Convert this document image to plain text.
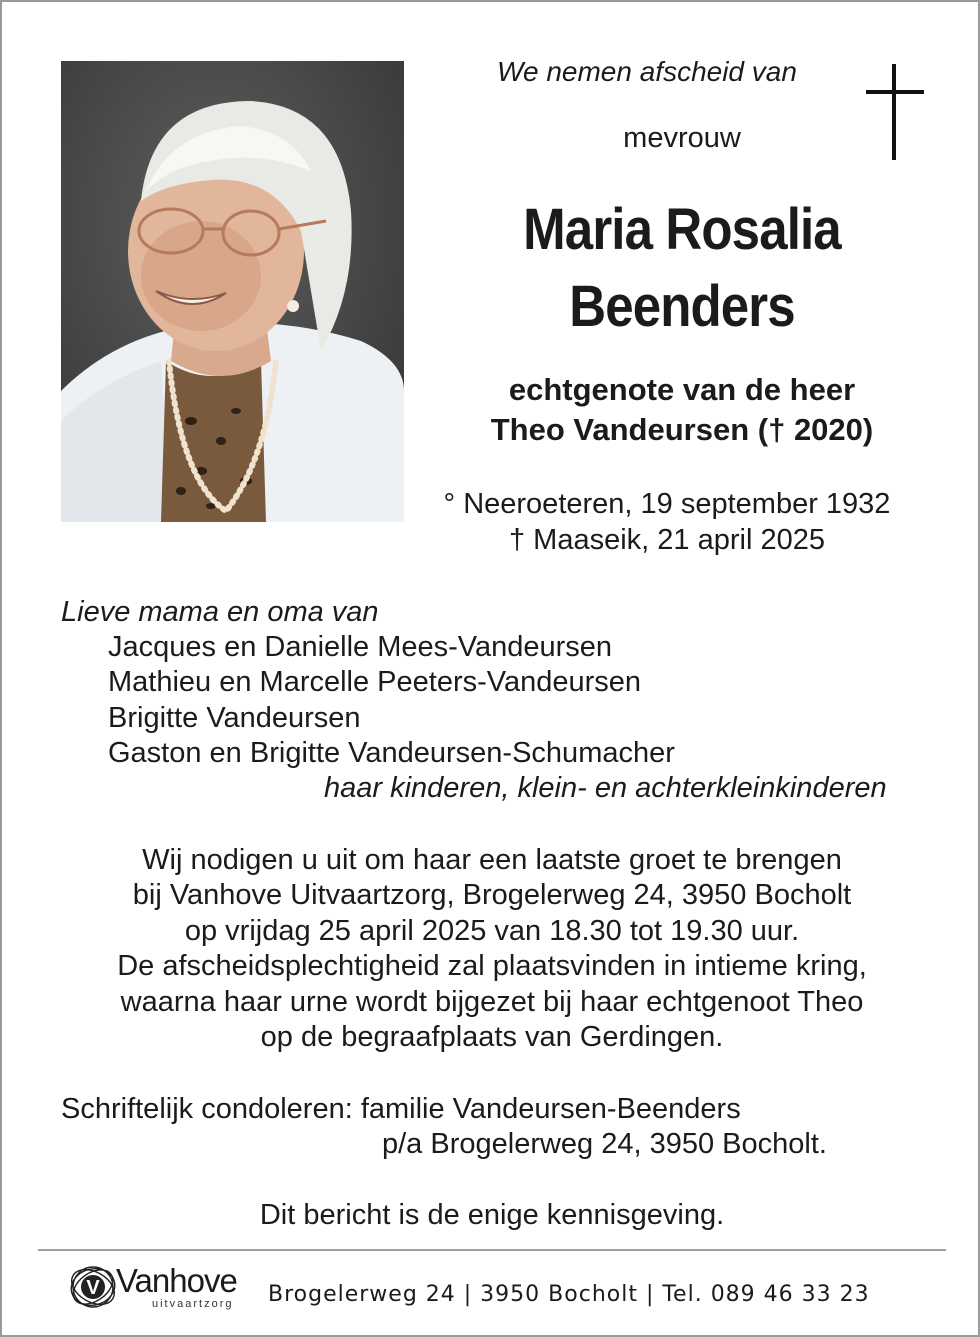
We nemen afscheid van
mevrouw
Maria Rosalia
Beenders
echtgenote van de heer
Theo Vandeursen († 2020)
° Neeroeteren, 19 september 1932
† Maaseik, 21 april 2025
Lieve mama en oma van
Jacques en Danielle Mees-Vandeursen
Mathieu en Marcelle Peeters-Vandeursen
Brigitte Vandeursen
Gaston en Brigitte Vandeursen-Schumacher
haar kinderen, klein- en achterkleinkinderen
Wij nodigen u uit om haar een laatste groet te brengen
bij Vanhove Uitvaartzorg, Brogelerweg 24, 3950 Bocholt
op vrijdag 25 april 2025 van 18.30 tot 19.30 uur.
De afscheidsplechtigheid zal plaatsvinden in intieme kring,
waarna haar urne wordt bijgezet bij haar echtgenoot Theo
op de begraafplaats van Gerdingen.
Schriftelijk condoleren: familie Vandeursen-Beenders
p/a Brogelerweg 24, 3950 Bocholt.
Dit bericht is de enige kennisgeving.
V Vanhove
uitvaartzorg Brogelerweg 24 | 3950 Bocholt | Tel. 089 46 33 23
